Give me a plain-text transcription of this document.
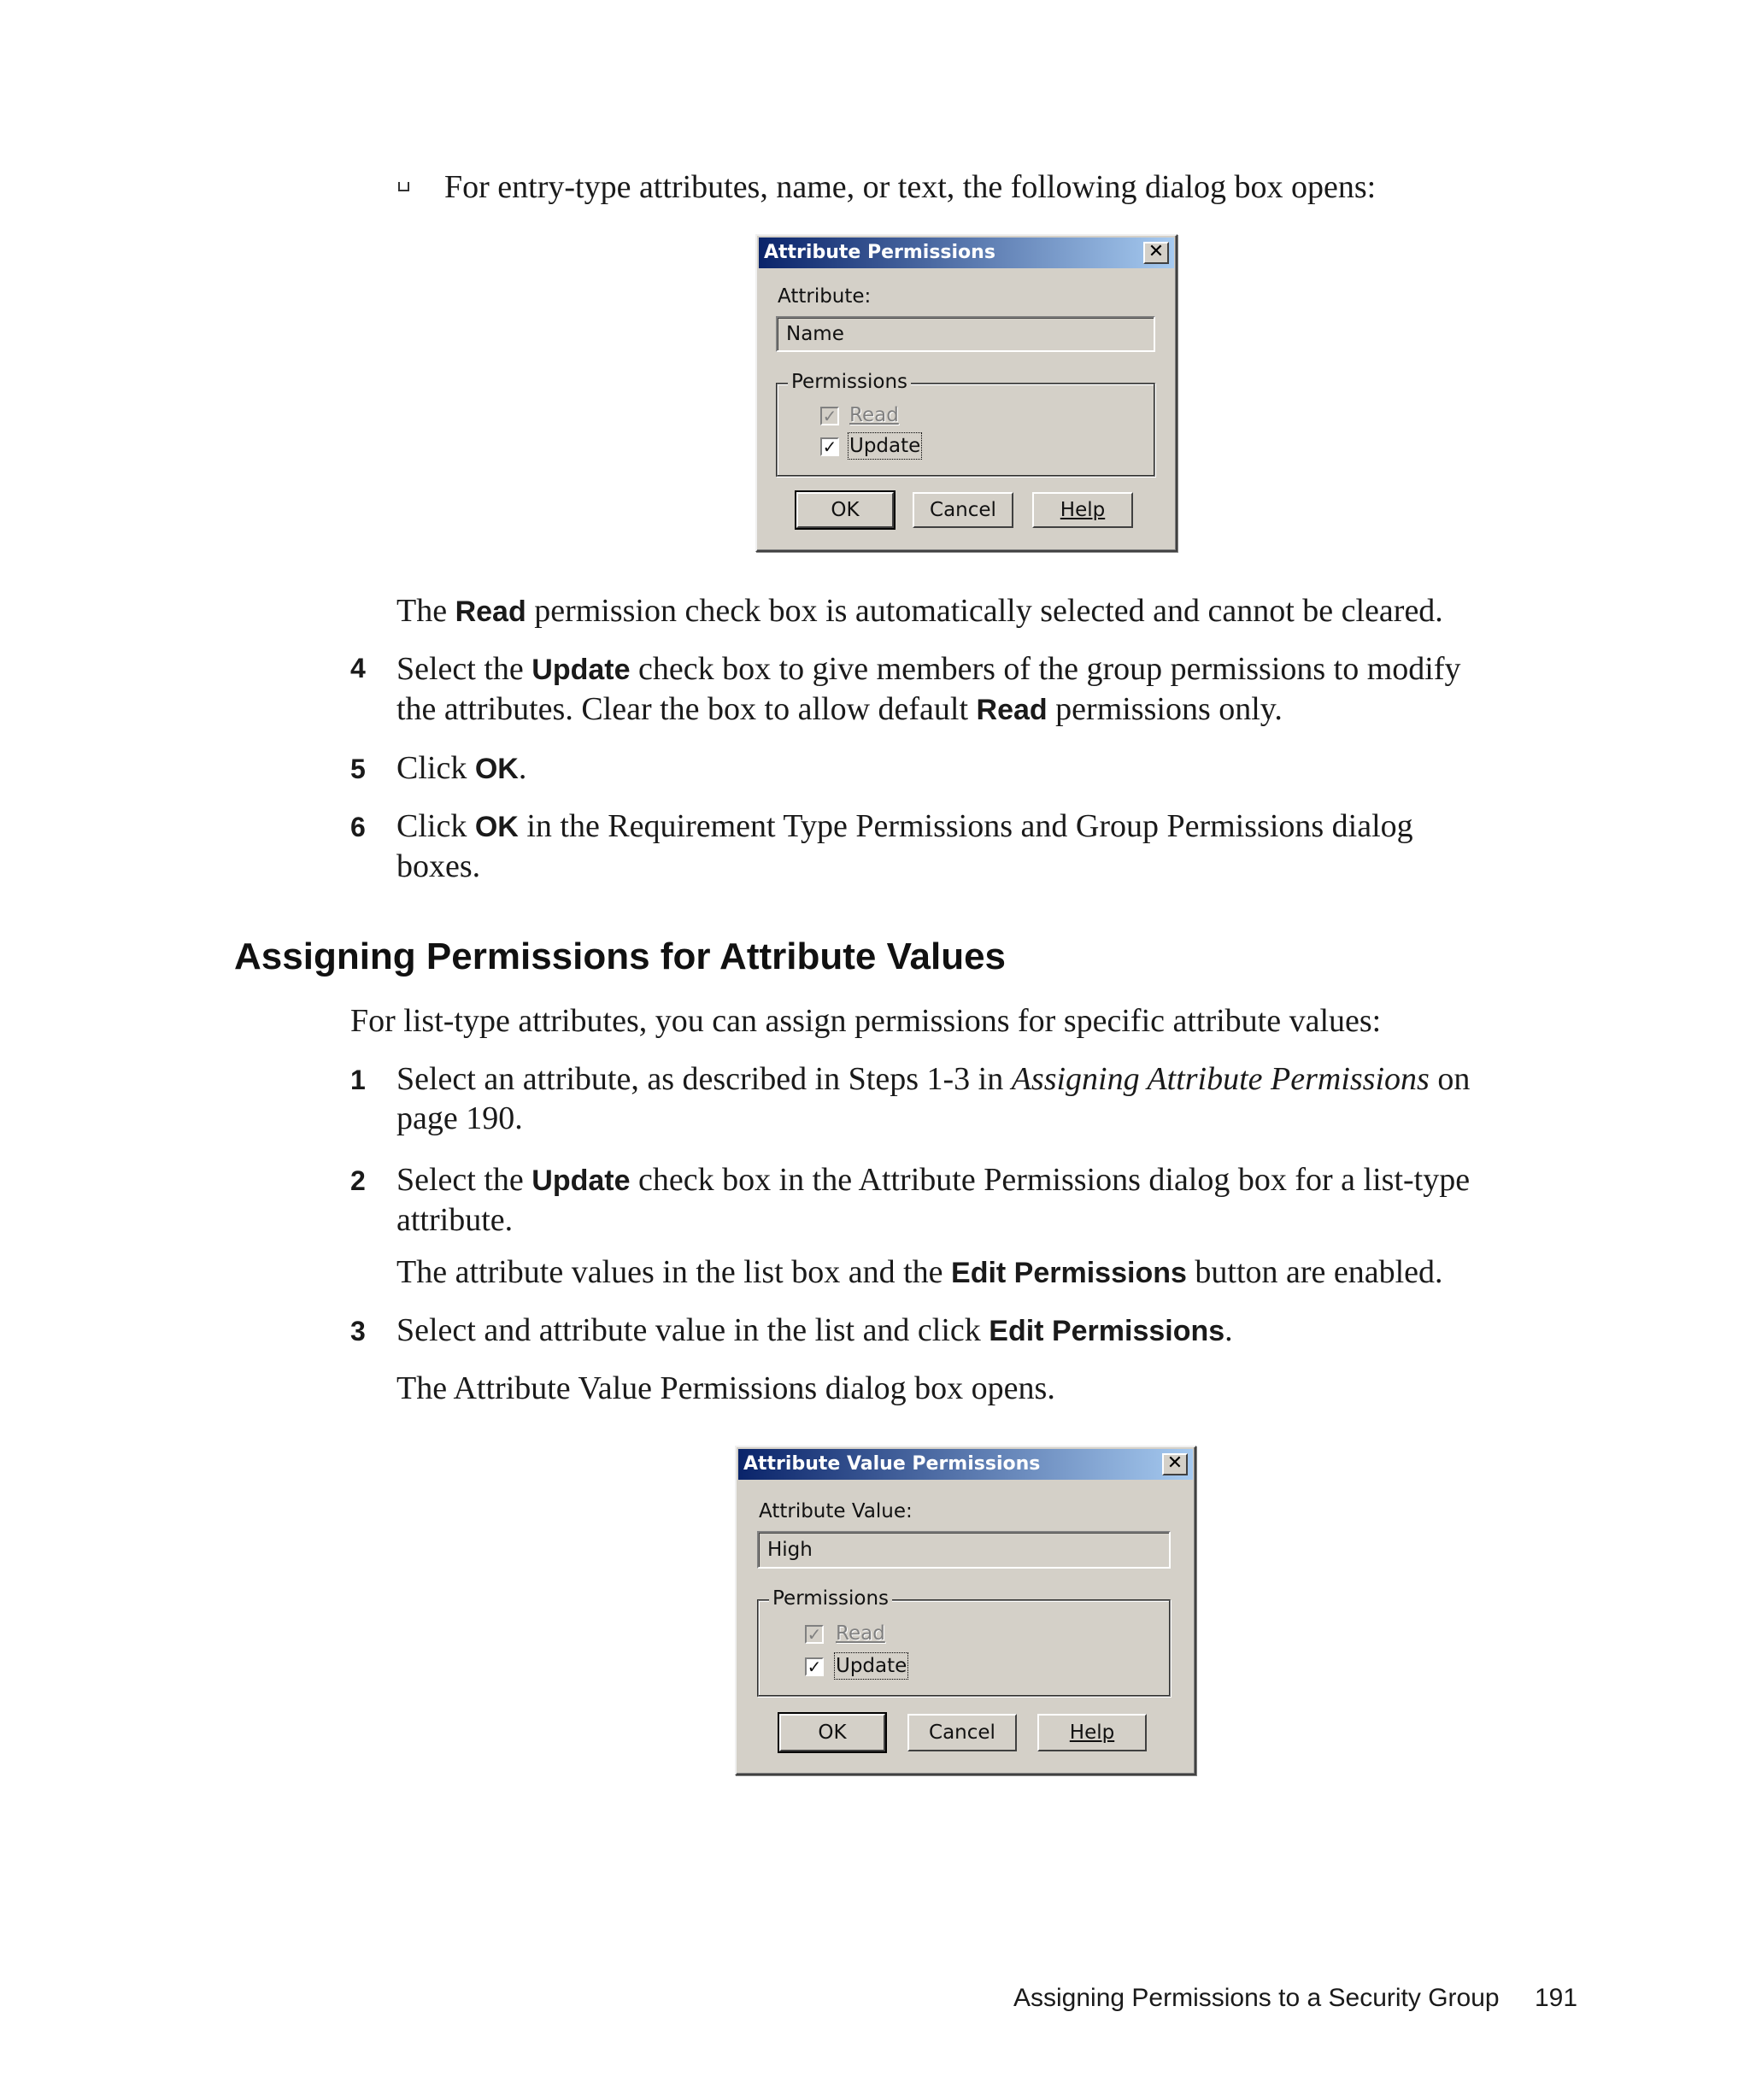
For entry-type attributes, name, or text, the following dialog box opens:
Attribute Permissions	✕
Attribute:
Name
Permissions
✓ Read
✓ Update
OK	Cancel	Help
The Read permission check box is automatically selected and cannot be cleared.
4 Select the Update check box to give members of the group permissions to modify
the attributes. Clear the box to allow default Read permissions only.
5 Click OK.
6 Click OK in the Requirement Type Permissions and Group Permissions dialog
boxes.
Assigning Permissions for Attribute Values
For list-type attributes, you can assign permissions for specific attribute values:
1 Select an attribute, as described in Steps 1-3 in Assigning Attribute Permissions on
page 190.
2 Select the Update check box in the Attribute Permissions dialog box for a list-type
attribute.
The attribute values in the list box and the Edit Permissions button are enabled.
3 Select and attribute value in the list and click Edit Permissions.
The Attribute Value Permissions dialog box opens.
Attribute Value Permissions	✕
Attribute Value:
High
Permissions
✓ Read
✓ Update
OK	Cancel	Help
Assigning Permissions to a Security Group 191
